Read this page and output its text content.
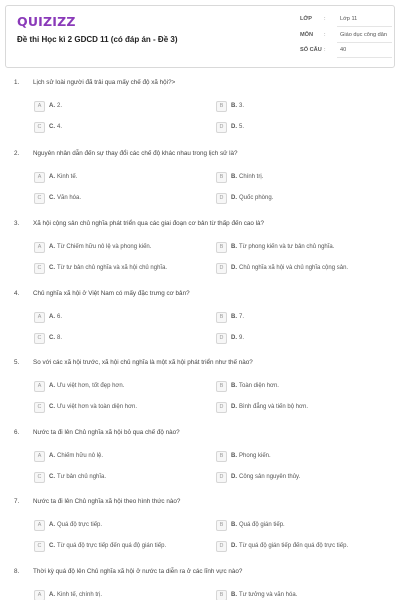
QUIZIZZ
Đề thi Học kì 2 GDCD 11 (có đáp án - Đề 3)
LỚP :	Lớp 11
MÔN :	Giáo dục công dân
SỐ CÂU :	40
1. Lịch sử loài người đã trải qua mấy chế độ xã hội?>
A	A. 2.	B	B. 3.
C	C. 4.	D	D. 5.
2. Nguyên nhân dẫn đến sự thay đổi các chế độ khác nhau trong lịch sử là?
A	A. Kinh tế.	B	B. Chính trị.
C	C. Văn hóa.	D	D. Quốc phòng.
3. Xã hội cộng sản chủ nghĩa phát triển qua các giai đoạn cơ bản từ thấp đến cao là?
A	A. Từ Chiếm hữu nô lệ và phong kiến.	B	B. Từ phong kiến và tư bản chủ nghĩa.
C	C. Từ tư bản chủ nghĩa và xã hội chủ nghĩa.	D	D. Chủ nghĩa xã hội và chủ nghĩa cộng sản.
4. Chủ nghĩa xã hội ở Việt Nam có mấy đặc trưng cơ bản?
A	A. 6.	B	B. 7.
C	C. 8.	D	D. 9.
5. So với các xã hội trước, xã hội chủ nghĩa là một xã hội phát triển như thế nào?
A	A. Ưu việt hơn, tốt đẹp hơn.	B	B. Toàn diện hơn.
C	C. Ưu việt hơn và toàn diện hơn.	D	D. Bình đẳng và tiến bộ hơn.
6. Nước ta đi lên Chủ nghĩa xã hội bỏ qua chế độ nào?
A	A. Chiếm hữu nô lệ.	B	B. Phong kiến.
C	C. Tư bản chủ nghĩa.	D	D. Công sản nguyên thủy.
7. Nước ta đi lên Chủ nghĩa xã hội theo hình thức nào?
A	A. Quá độ trực tiếp.	B	B. Quá độ gián tiếp.
C	C. Từ quá độ trực tiếp đến quá độ gián tiếp.	D	D. Từ quá độ gián tiếp đến quá độ trực tiếp.
8. Thời kỳ quá độ lên Chủ nghĩa xã hội ở nước ta diễn ra ở các lĩnh vực nào?
A	A. Kinh tế, chính trị.	B	B. Tư tưởng và văn hóa.
